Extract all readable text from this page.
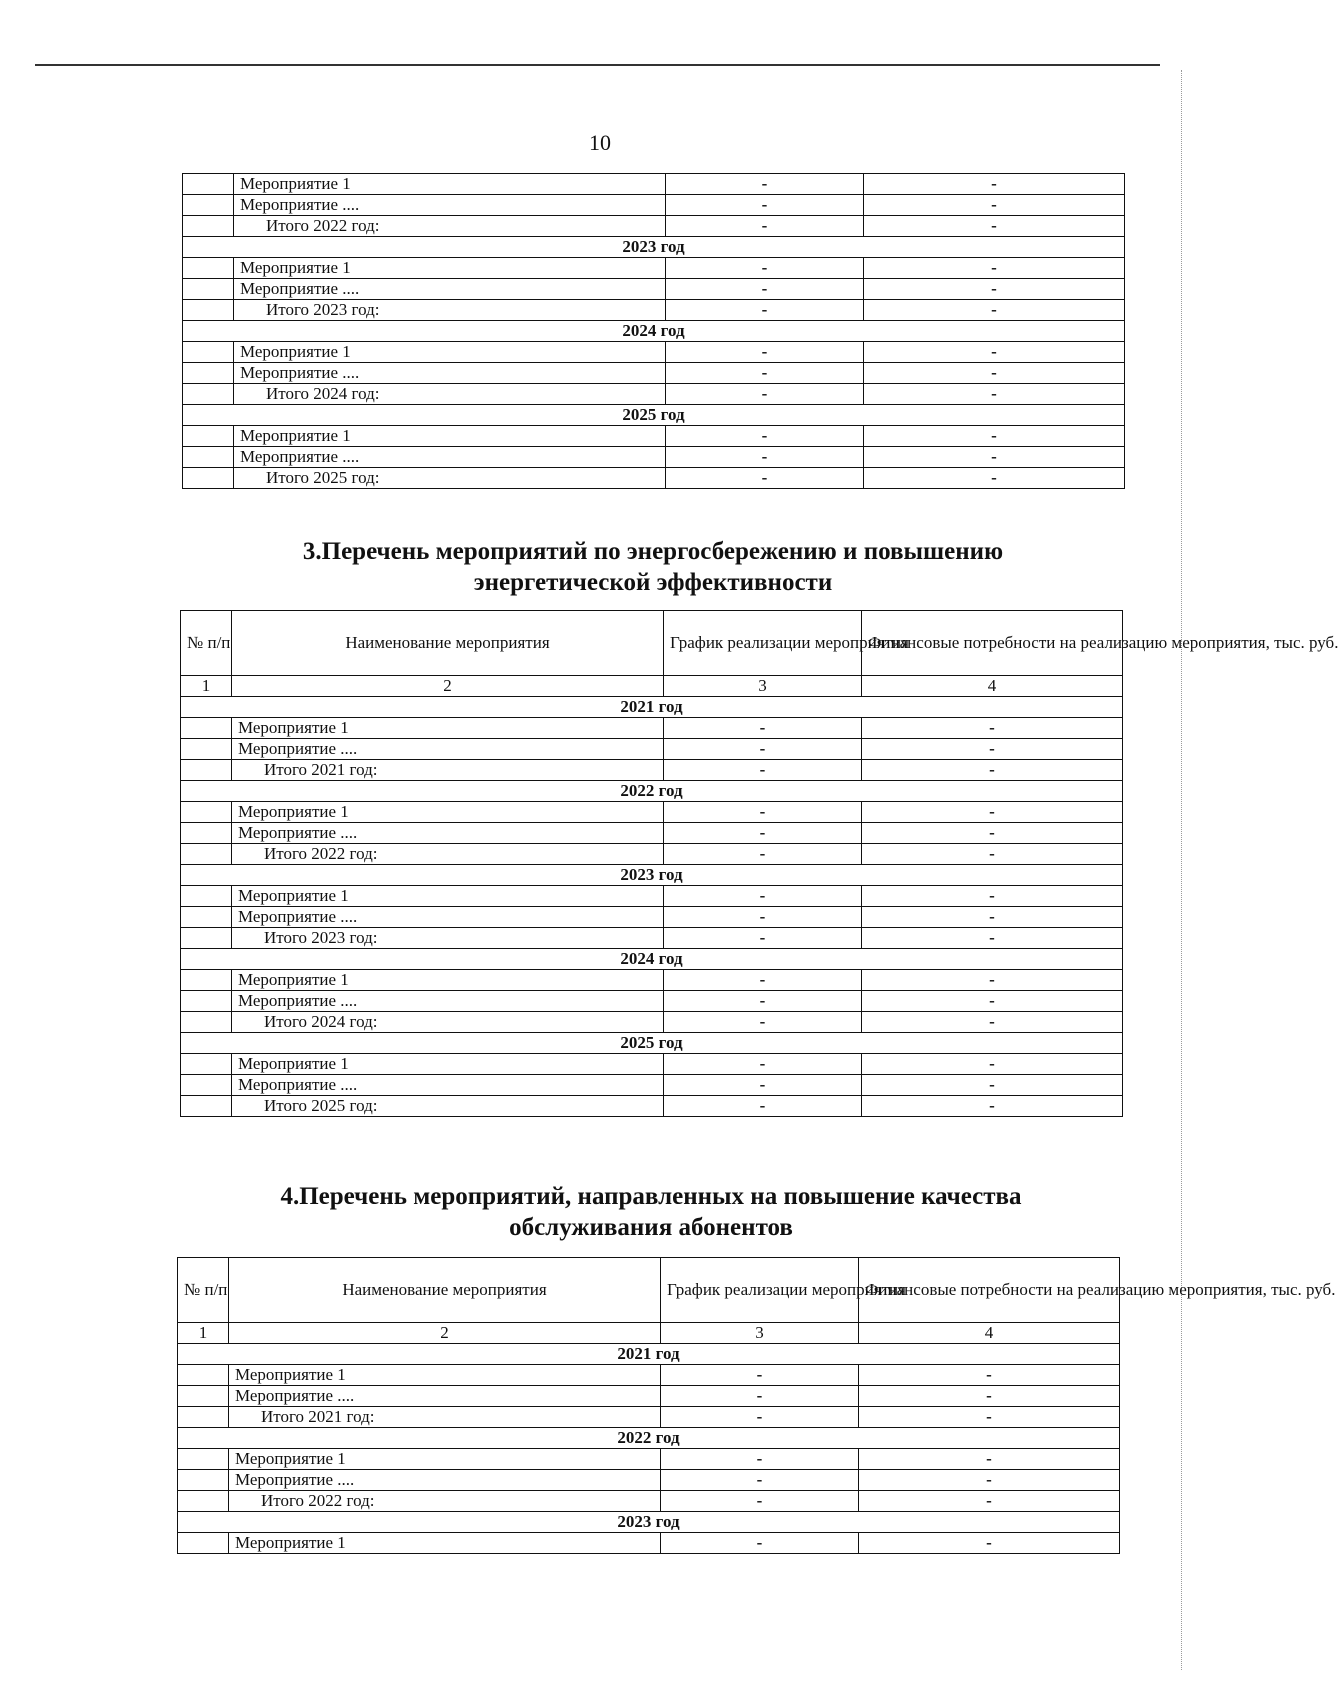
10
	Мероприятие 1	-	-
	Мероприятие ....	-	-
	Итого 2022 год:	-	-
2023 год			
	Мероприятие 1	-	-
	Мероприятие ....	-	-
	Итого 2023 год:	-	-
2024 год			
	Мероприятие 1	-	-
	Мероприятие ....	-	-
	Итого 2024 год:	-	-
2025 год			
	Мероприятие 1	-	-
	Мероприятие ....	-	-
	Итого 2025 год:	-	-
3.Перечень мероприятий по энергосбережению и повышению
энергетической эффективности
№ п/п	Наименование мероприятия	График реализации мероприятия	Финансовые потребности на реализацию мероприятия, тыс. руб.
1	2	3	4
2021 год			
	Мероприятие 1	-	-
	Мероприятие ....	-	-
	Итого 2021 год:	-	-
2022 год			
	Мероприятие 1	-	-
	Мероприятие ....	-	-
	Итого 2022 год:	-	-
2023 год			
	Мероприятие 1	-	-
	Мероприятие ....	-	-
	Итого 2023 год:	-	-
2024 год			
	Мероприятие 1	-	-
	Мероприятие ....	-	-
	Итого 2024 год:	-	-
2025 год			
	Мероприятие 1	-	-
	Мероприятие ....	-	-
	Итого 2025 год:	-	-
4.Перечень мероприятий, направленных на повышение качества
обслуживания абонентов
№ п/п	Наименование мероприятия	График реализации мероприятия	Финансовые потребности на реализацию мероприятия, тыс. руб.
1	2	3	4
2021 год			
	Мероприятие 1	-	-
	Мероприятие ....	-	-
	Итого 2021 год:	-	-
2022 год			
	Мероприятие 1	-	-
	Мероприятие ....	-	-
	Итого 2022 год:	-	-
2023 год			
	Мероприятие 1	-	-
